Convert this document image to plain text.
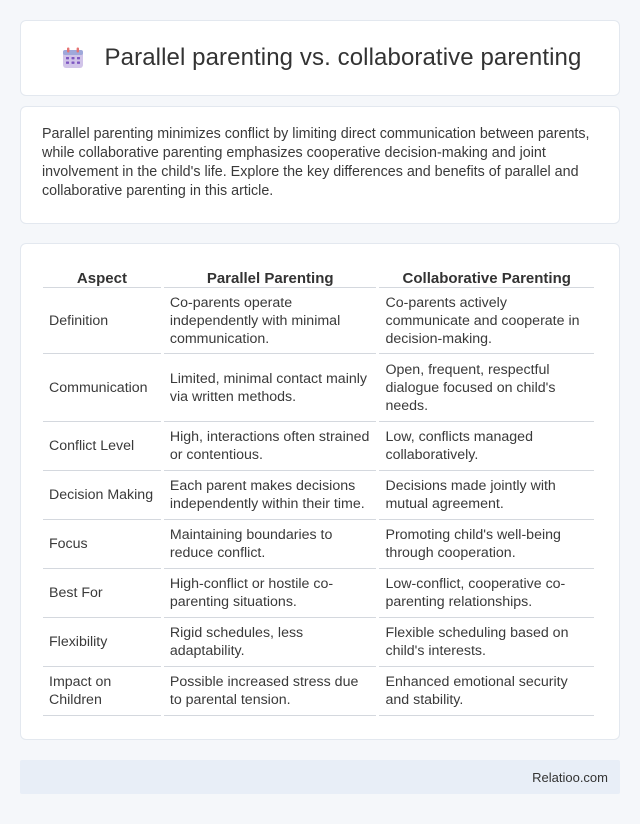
Parallel parenting vs. collaborative parenting

Parallel parenting minimizes conflict by limiting direct communication between parents, while collaborative parenting emphasizes cooperative decision-making and joint involvement in the child's life. Explore the key differences and benefits of parallel and collaborative parenting in this article.

Aspect	Parallel Parenting	Collaborative Parenting
Definition	Co-parents operate independently with minimal communication.	Co-parents actively communicate and cooperate in decision-making.
Communication	Limited, minimal contact mainly via written methods.	Open, frequent, respectful dialogue focused on child's needs.
Conflict Level	High, interactions often strained or contentious.	Low, conflicts managed collaboratively.
Decision Making	Each parent makes decisions independently within their time.	Decisions made jointly with mutual agreement.
Focus	Maintaining boundaries to reduce conflict.	Promoting child's well-being through cooperation.
Best For	High-conflict or hostile co-parenting situations.	Low-conflict, cooperative co-parenting relationships.
Flexibility	Rigid schedules, less adaptability.	Flexible scheduling based on child's interests.
Impact on Children	Possible increased stress due to parental tension.	Enhanced emotional security and stability.
Relatioo.com
